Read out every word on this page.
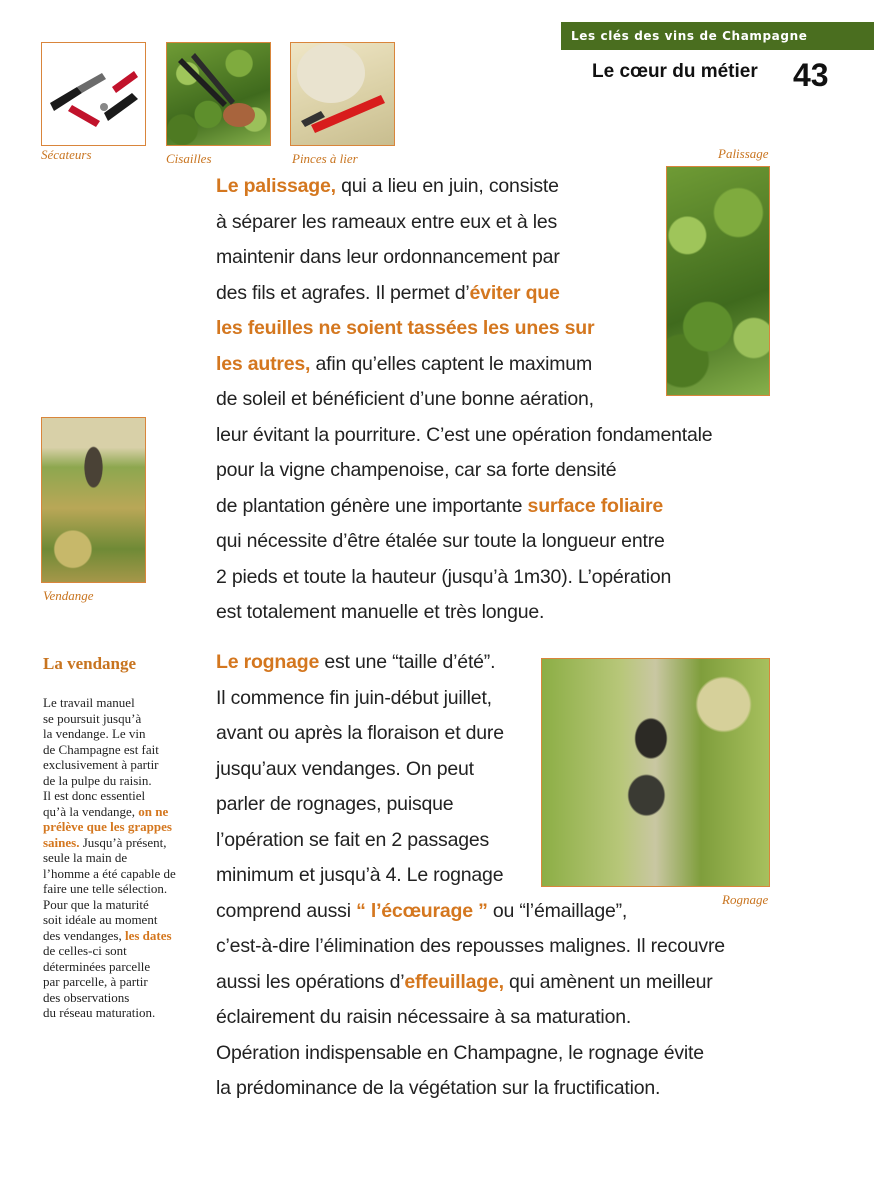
Les clés des vins de Champagne
Le cœur du métier 43
Sécateurs	Cisailles	Pinces à lier	Palissage
Vendange
Le palissage, qui a lieu en juin, consiste
à séparer les rameaux entre eux et à les
maintenir dans leur ordonnancement par
des fils et agrafes. Il permet d’éviter que
les feuilles ne soient tassées les unes sur
les autres, afin qu’elles captent le maximum
de soleil et bénéficient d’une bonne aération,
leur évitant la pourriture. C’est une opération fondamentale
pour la vigne champenoise, car sa forte densité
de plantation génère une importante surface foliaire
qui nécessite d’être étalée sur toute la longueur entre
2 pieds et toute la hauteur (jusqu’à 1m30). L’opération
est totalement manuelle et très longue.
Rognage
Le rognage est une “taille d’été”.
Il commence fin juin-début juillet,
avant ou après la floraison et dure
jusqu’aux vendanges. On peut
parler de rognages, puisque
l’opération se fait en 2 passages
minimum et jusqu’à 4. Le rognage
comprend aussi “ l’écœurage ” ou “l’émaillage”,
c’est-à-dire l’élimination des repousses malignes. Il recouvre
aussi les opérations d’effeuillage, qui amènent un meilleur
éclairement du raisin nécessaire à sa maturation.
Opération indispensable en Champagne, le rognage évite
la prédominance de la végétation sur la fructification.
La vendange
Le travail manuel
se poursuit jusqu’à
la vendange. Le vin
de Champagne est fait
exclusivement à partir
de la pulpe du raisin.
Il est donc essentiel
qu’à la vendange, on ne
prélève que les grappes
saines. Jusqu’à présent,
seule la main de
l’homme a été capable de
faire une telle sélection.
Pour que la maturité
soit idéale au moment
des vendanges, les dates
de celles-ci sont
déterminées parcelle
par parcelle, à partir
des observations
du réseau maturation.
